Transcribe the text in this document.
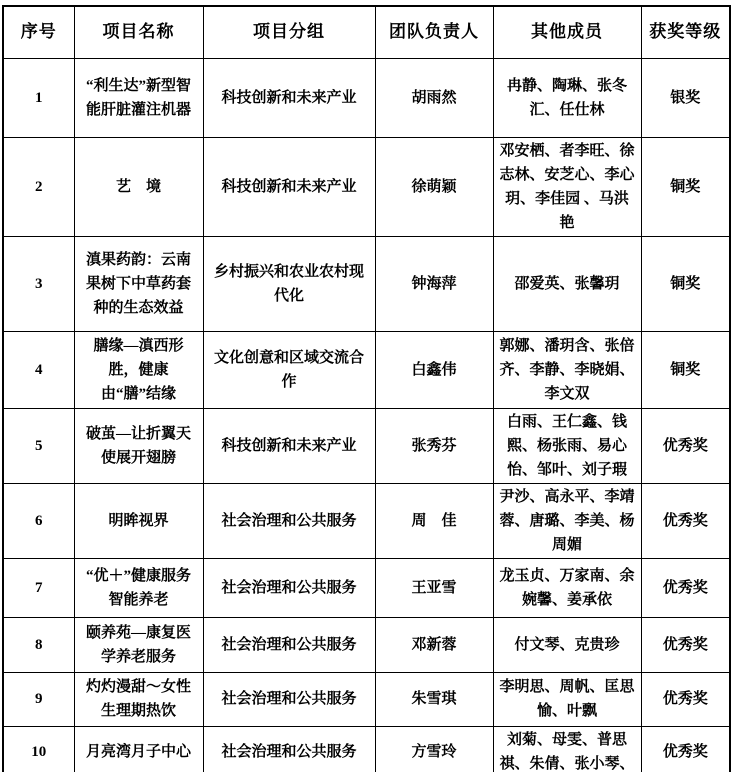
序号	项目名称	项目分组	团队负责人	其他成员	获奖等级
1	“利生达”新型智能肝脏灌注机器	科技创新和未来产业	胡雨然	冉静、陶琳、张冬汇、任仕林	银奖
2	艺　境	科技创新和未来产业	徐萌颖	邓安栖、者李旺、徐志林、安芝心、李心玥、李佳园 、马洪艳	铜奖
3	滇果药韵：云南果树下中草药套种的生态效益	乡村振兴和农业农村现代化	钟海萍	邵爱英、张馨玥	铜奖
4	膳缘—滇西形胜，健康由“膳”结缘	文化创意和区域交流合作	白鑫伟	郭娜、潘玥含、张倍齐、李静、李晓娟、李文双	铜奖
5	破茧—让折翼天使展开翅膀	科技创新和未来产业	张秀芬	白雨、王仁鑫、钱熙、杨张雨、易心怡、邹叶、刘子瑕	优秀奖
6	明眸视界	社会治理和公共服务	周　佳	尹沙、高永平、李靖蓉、唐璐、李美、杨周媚	优秀奖
7	“优＋”健康服务智能养老	社会治理和公共服务	王亚雪	龙玉贞、万家南、余婉馨、姜承依	优秀奖
8	颐养苑—康复医学养老服务	社会治理和公共服务	邓新蓉	付文琴、克贵珍	优秀奖
9	灼灼漫甜～女性生理期热饮	社会治理和公共服务	朱雪琪	李明思、周帆、匡思愉、叶飘	优秀奖
10	月亮湾月子中心	社会治理和公共服务	方雪玲	刘菊、母雯、普思祺、朱倩、张小琴、	优秀奖
